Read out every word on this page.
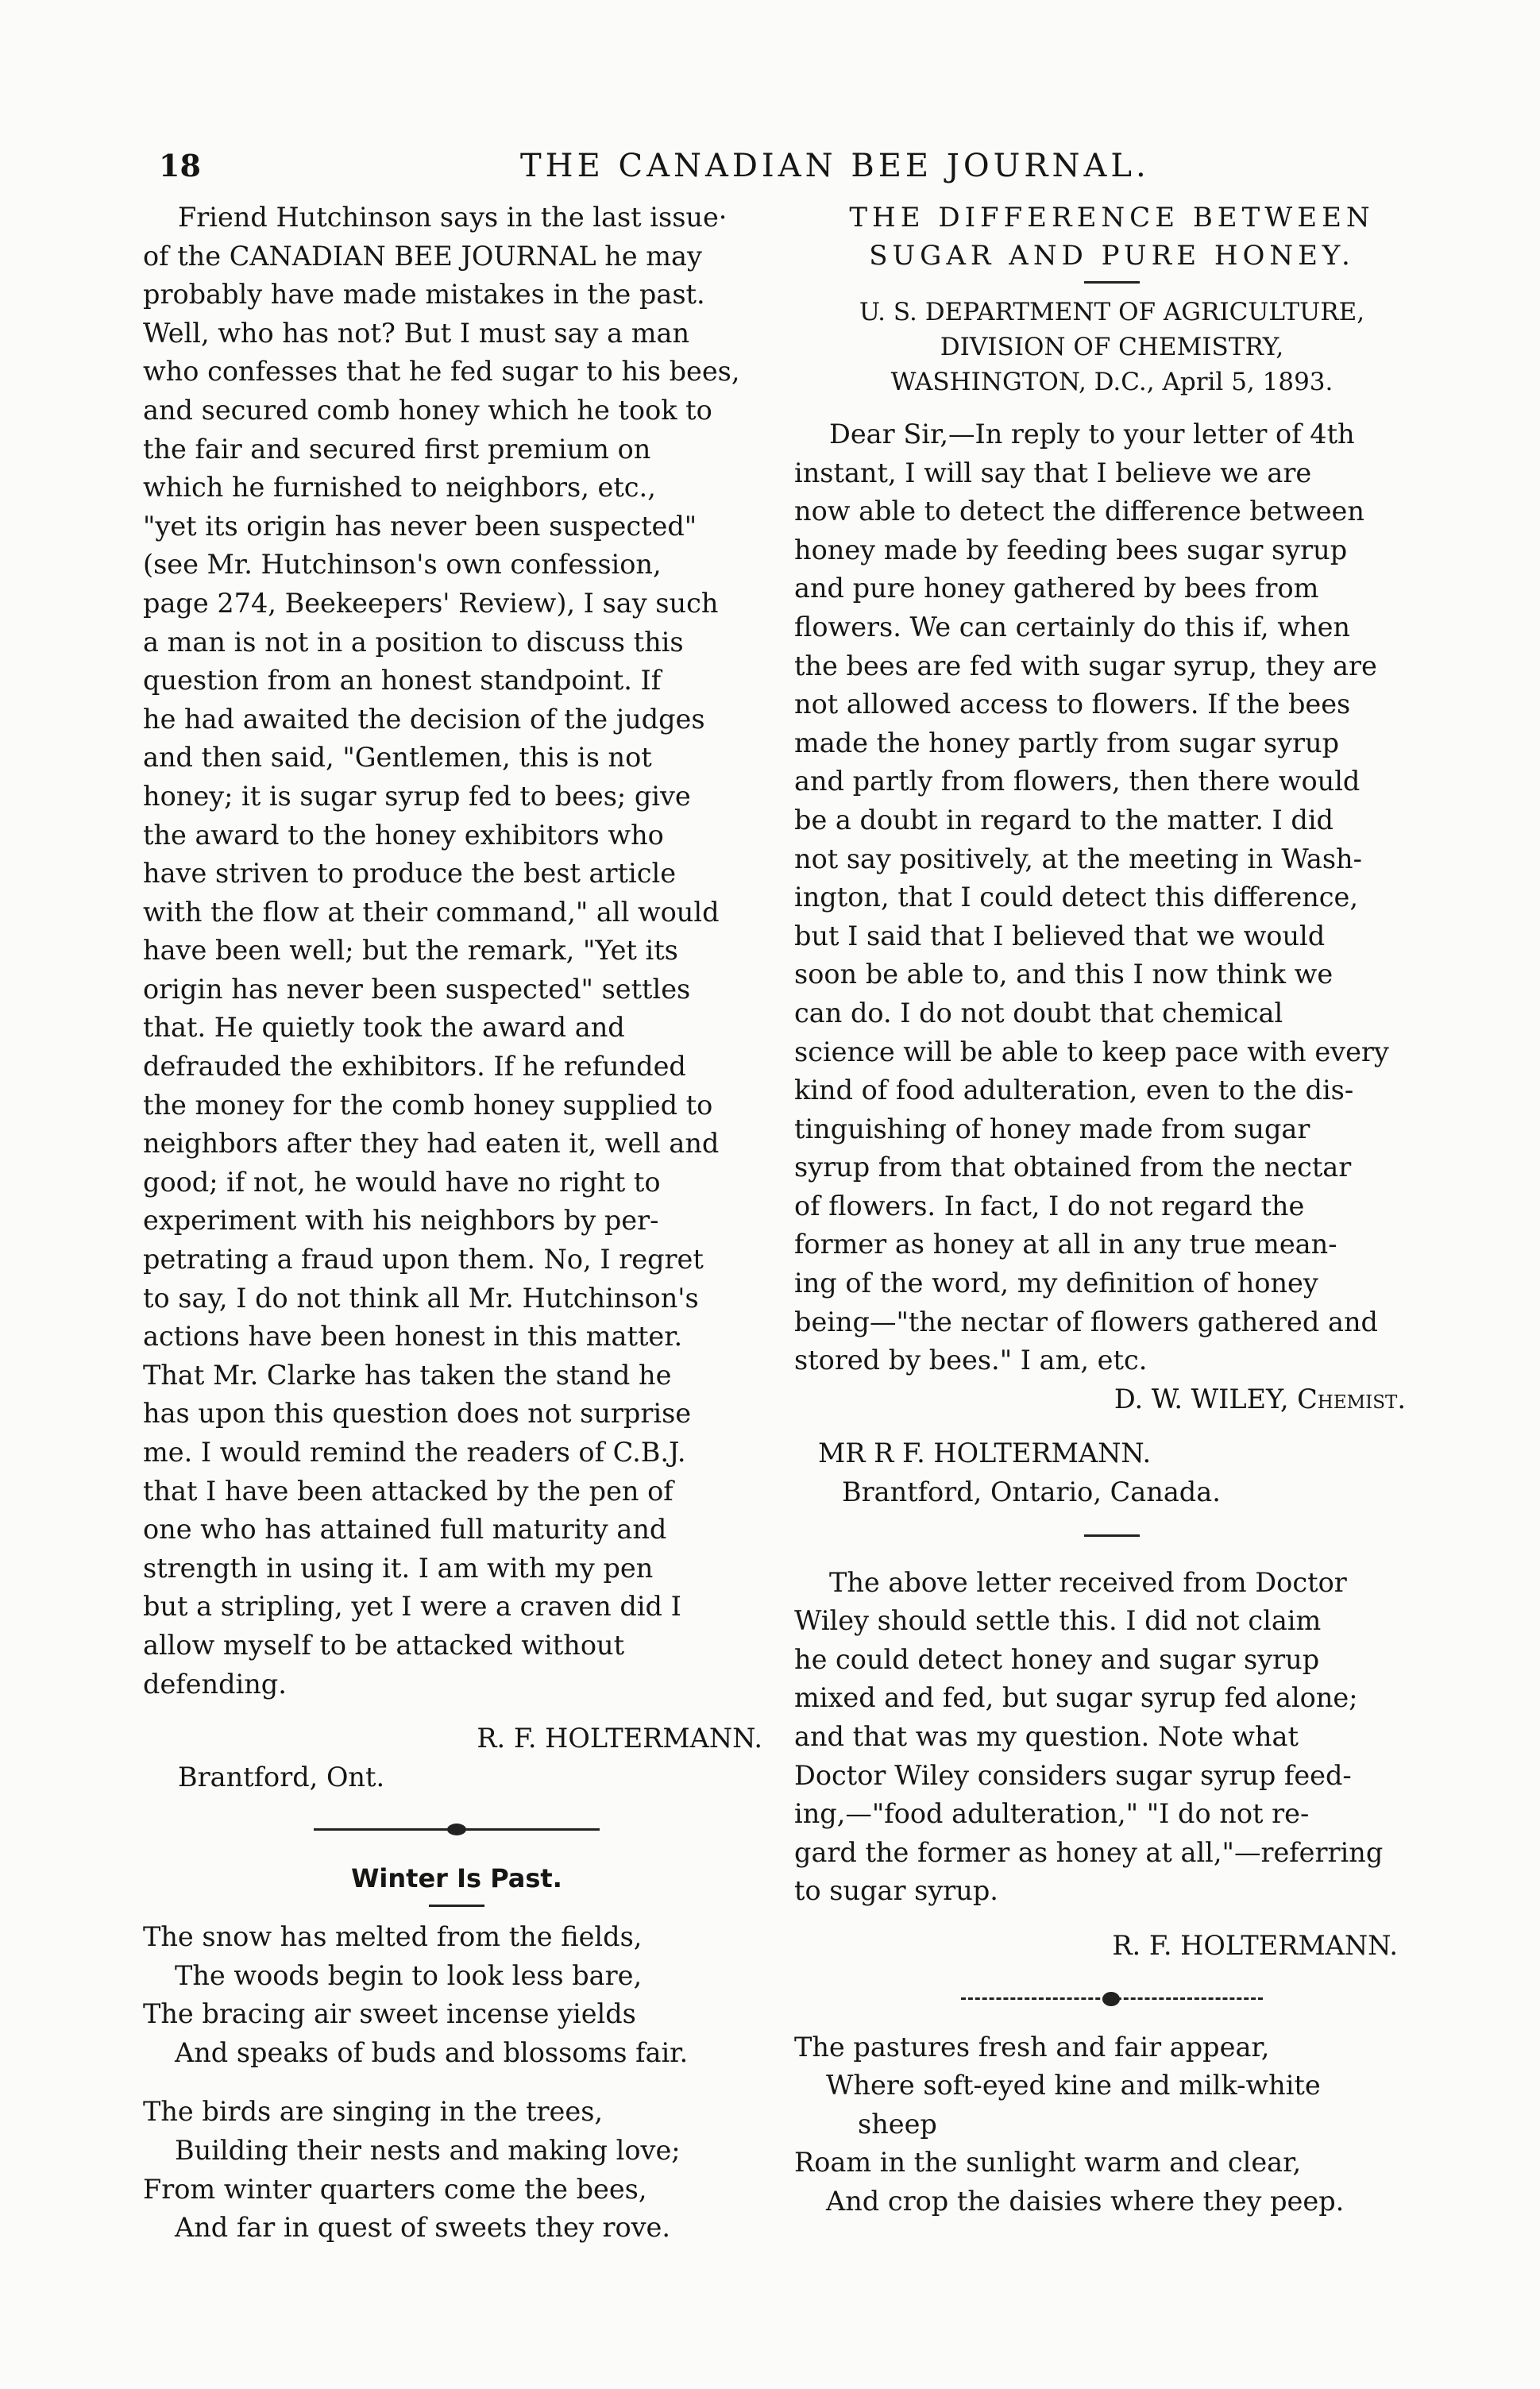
18	THE CANADIAN BEE JOURNAL.

Friend Hutchinson says in the last issue·

of the CANADIAN BEE JOURNAL he may

probably have made mistakes in the past.

Well, who has not? But I must say a man

who confesses that he fed sugar to his bees,

and secured comb honey which he took to

the fair and secured first premium on

which he furnished to neighbors, etc.,

"yet its origin has never been suspected"

(see Mr. Hutchinson's own confession,

page 274, Beekeepers' Review), I say such

a man is not in a position to discuss this

question from an honest standpoint. If

he had awaited the decision of the judges

and then said, "Gentlemen, this is not

honey; it is sugar syrup fed to bees; give

the award to the honey exhibitors who

have striven to produce the best article

with the flow at their command," all would

have been well; but the remark, "Yet its

origin has never been suspected" settles

that. He quietly took the award and

defrauded the exhibitors. If he refunded

the money for the comb honey supplied to

neighbors after they had eaten it, well and

good; if not, he would have no right to

experiment with his neighbors by per-

petrating a fraud upon them. No, I regret

to say, I do not think all Mr. Hutchinson's

actions have been honest in this matter.

That Mr. Clarke has taken the stand he

has upon this question does not surprise

me. I would remind the readers of C.B.J.

that I have been attacked by the pen of

one who has attained full maturity and

strength in using it. I am with my pen

but a stripling, yet I were a craven did I

allow myself to be attacked without

defending.

R. F. HOLTERMANN.

Brantford, Ont.

Winter Is Past.

The snow has melted from the fields,

The woods begin to look less bare,

The bracing air sweet incense yields

And speaks of buds and blossoms fair.

The birds are singing in the trees,

Building their nests and making love;

From winter quarters come the bees,

And far in quest of sweets they rove.

THE DIFFERENCE BETWEEN

SUGAR AND PURE HONEY.

U. S. DEPARTMENT OF AGRICULTURE,

DIVISION OF CHEMISTRY,

WASHINGTON, D.C., April 5, 1893.

Dear Sir,—In reply to your letter of 4th

instant, I will say that I believe we are

now able to detect the difference between

honey made by feeding bees sugar syrup

and pure honey gathered by bees from

flowers. We can certainly do this if, when

the bees are fed with sugar syrup, they are

not allowed access to flowers. If the bees

made the honey partly from sugar syrup

and partly from flowers, then there would

be a doubt in regard to the matter. I did

not say positively, at the meeting in Wash-

ington, that I could detect this difference,

but I said that I believed that we would

soon be able to, and this I now think we

can do. I do not doubt that chemical

science will be able to keep pace with every

kind of food adulteration, even to the dis-

tinguishing of honey made from sugar

syrup from that obtained from the nectar

of flowers. In fact, I do not regard the

former as honey at all in any true mean-

ing of the word, my definition of honey

being—"the nectar of flowers gathered and

stored by bees." I am, etc.

D. W. WILEY, Chemist.

MR R F. HOLTERMANN.

Brantford, Ontario, Canada.

The above letter received from Doctor

Wiley should settle this. I did not claim

he could detect honey and sugar syrup

mixed and fed, but sugar syrup fed alone;

and that was my question. Note what

Doctor Wiley considers sugar syrup feed-

ing,—"food adulteration," "I do not re-

gard the former as honey at all,"—referring

to sugar syrup.

R. F. HOLTERMANN.

The pastures fresh and fair appear,

Where soft-eyed kine and milk-white

sheep

Roam in the sunlight warm and clear,

And crop the daisies where they peep.
